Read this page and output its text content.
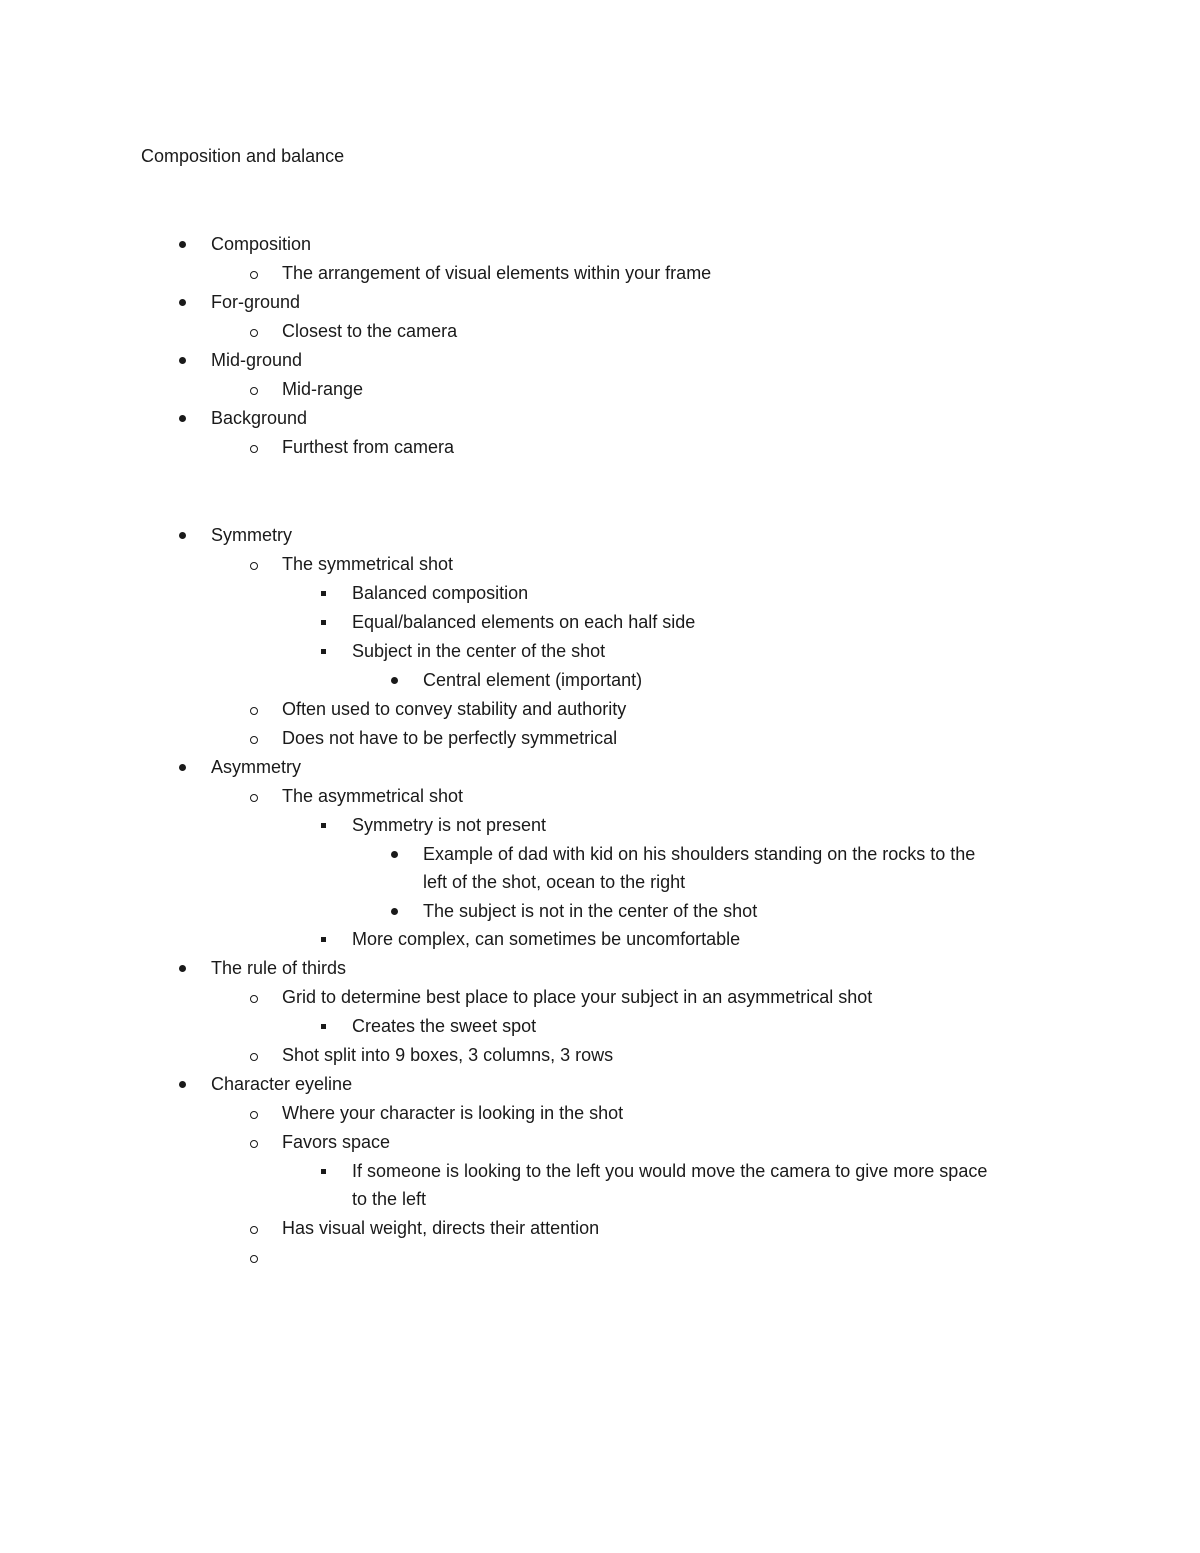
Composition and balance
Composition
The arrangement of visual elements within your frame
For-ground
Closest to the camera
Mid-ground
Mid-range
Background
Furthest from camera
Symmetry
The symmetrical shot
Balanced composition
Equal/balanced elements on each half side
Subject in the center of the shot
Central element (important)
Often used to convey stability and authority
Does not have to be perfectly symmetrical
Asymmetry
The asymmetrical shot
Symmetry is not present
Example of dad with kid on his shoulders standing on the rocks to the
left of the shot, ocean to the right
The subject is not in the center of the shot
More complex, can sometimes be uncomfortable
The rule of thirds
Grid to determine best place to place your subject in an asymmetrical shot
Creates the sweet spot
Shot split into 9 boxes, 3 columns, 3 rows
Character eyeline
Where your character is looking in the shot
Favors space
If someone is looking to the left you would move the camera to give more space
to the left
Has visual weight, directs their attention
